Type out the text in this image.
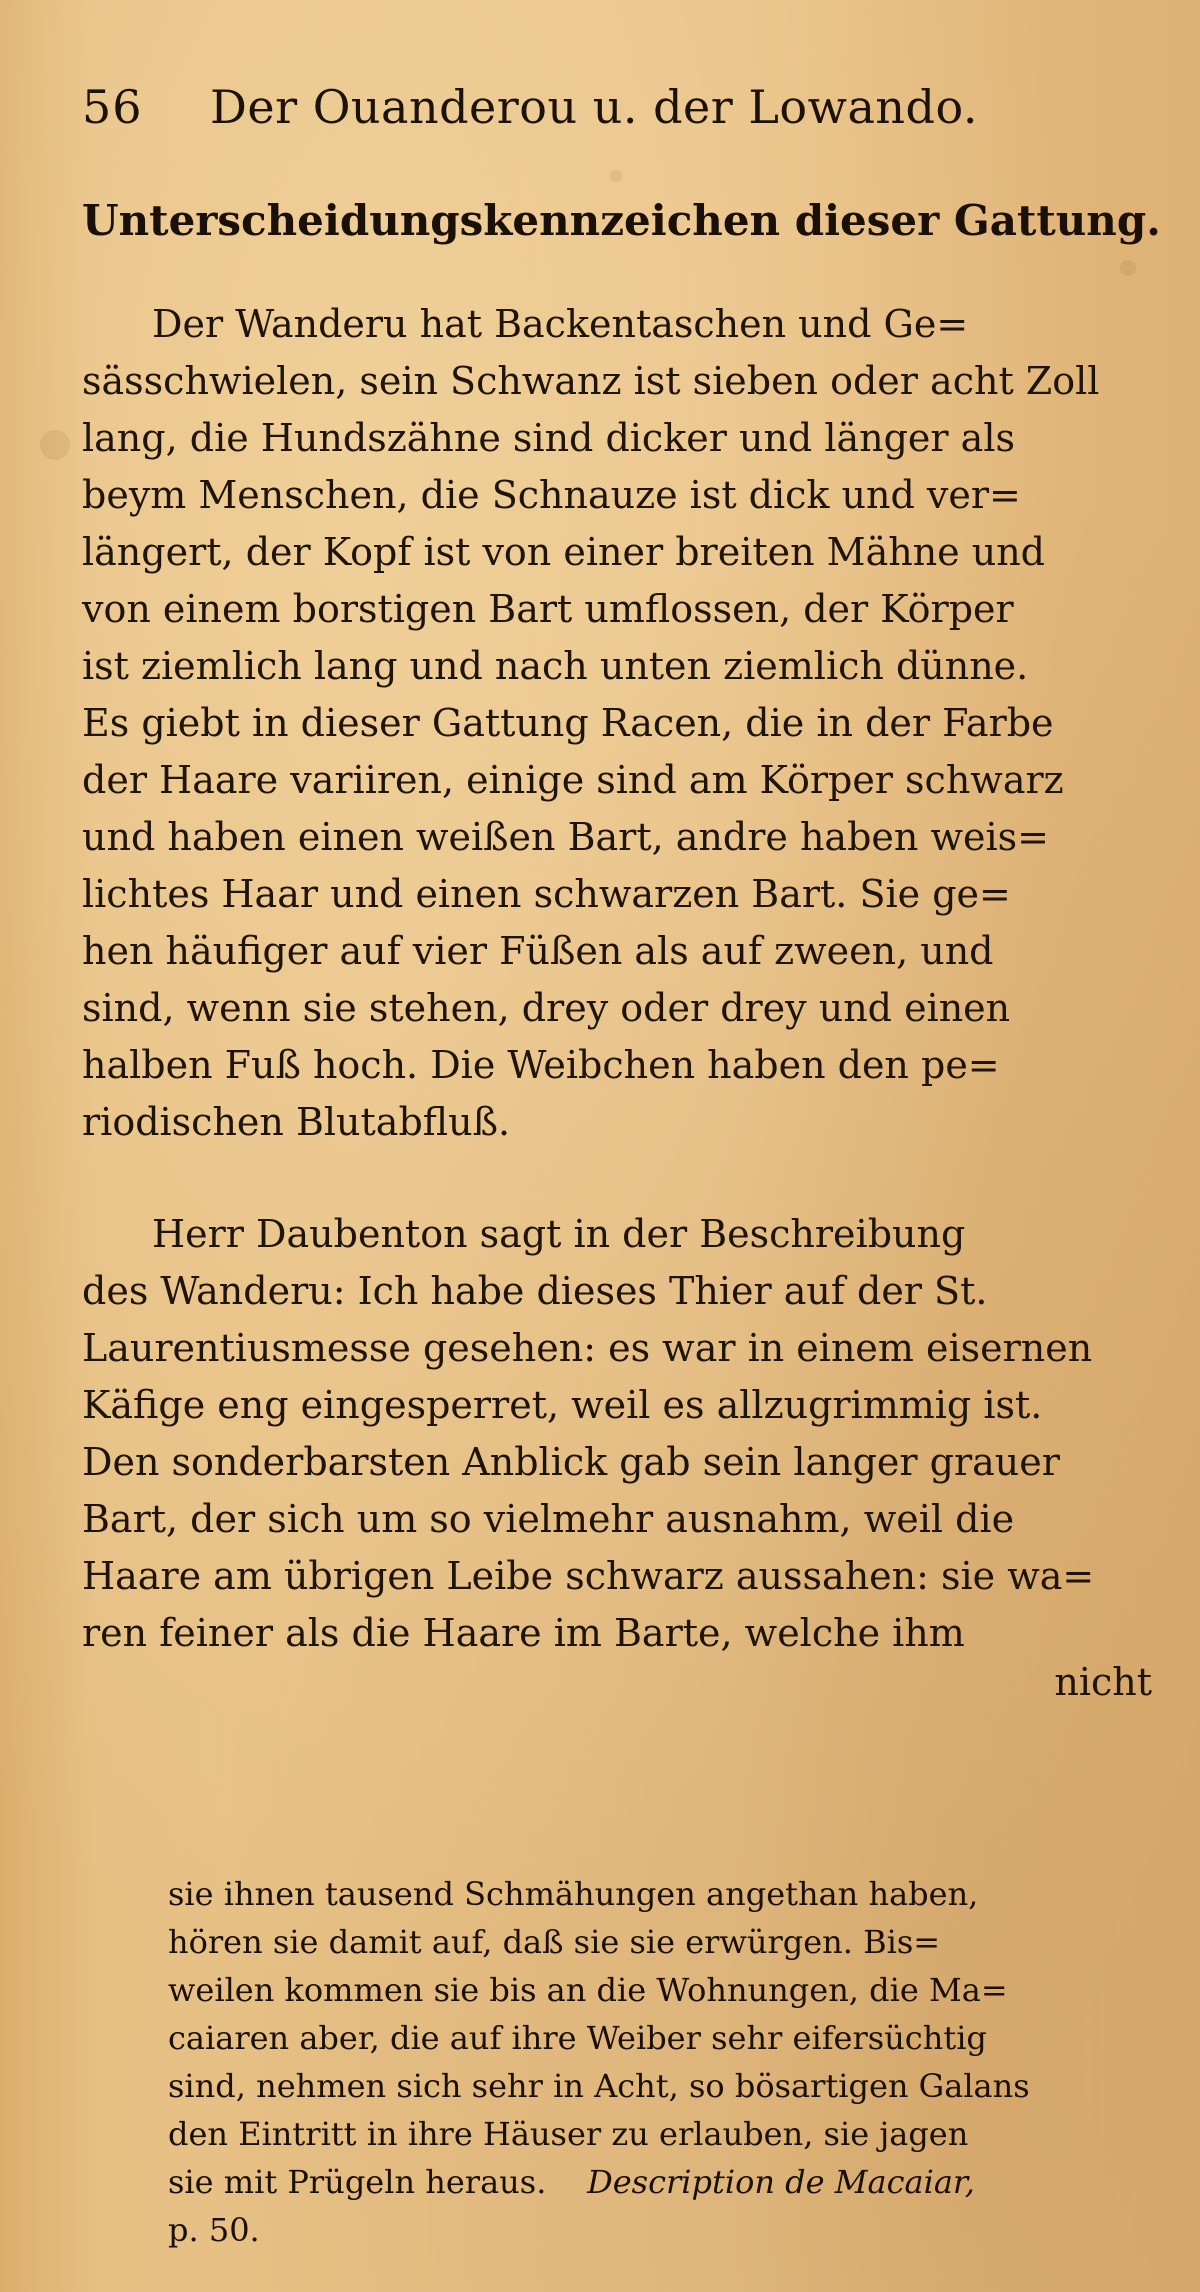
56 Der Ouanderou u. der Lowando.
Unterscheidungskennzeichen dieser Gattung.
Der Wanderu hat Backentaschen und Ge=
sässchwielen, sein Schwanz ist sieben oder acht Zoll
lang, die Hundszähne sind dicker und länger als
beym Menschen, die Schnauze ist dick und ver=
längert, der Kopf ist von einer breiten Mähne und
von einem borstigen Bart umflossen, der Körper
ist ziemlich lang und nach unten ziemlich dünne.
Es giebt in dieser Gattung Racen, die in der Farbe
der Haare variiren, einige sind am Körper schwarz
und haben einen weißen Bart, andre haben weis=
lichtes Haar und einen schwarzen Bart. Sie ge=
hen häufiger auf vier Füßen als auf zween, und
sind, wenn sie stehen, drey oder drey und einen
halben Fuß hoch. Die Weibchen haben den pe=
riodischen Blutabfluß.
Herr Daubenton sagt in der Beschreibung
des Wanderu: Ich habe dieses Thier auf der St.
Laurentiusmesse gesehen: es war in einem eisernen
Käfige eng eingesperret, weil es allzugrimmig ist.
Den sonderbarsten Anblick gab sein langer grauer
Bart, der sich um so vielmehr ausnahm, weil die
Haare am übrigen Leibe schwarz aussahen: sie wa=
ren feiner als die Haare im Barte, welche ihm
nicht
sie ihnen tausend Schmähungen angethan haben,
hören sie damit auf, daß sie sie erwürgen. Bis=
weilen kommen sie bis an die Wohnungen, die Ma=
caiaren aber, die auf ihre Weiber sehr eifersüchtig
sind, nehmen sich sehr in Acht, so bösartigen Galans
den Eintritt in ihre Häuser zu erlauben, sie jagen
sie mit Prügeln heraus. Description de Macaiar,
p. 50.
